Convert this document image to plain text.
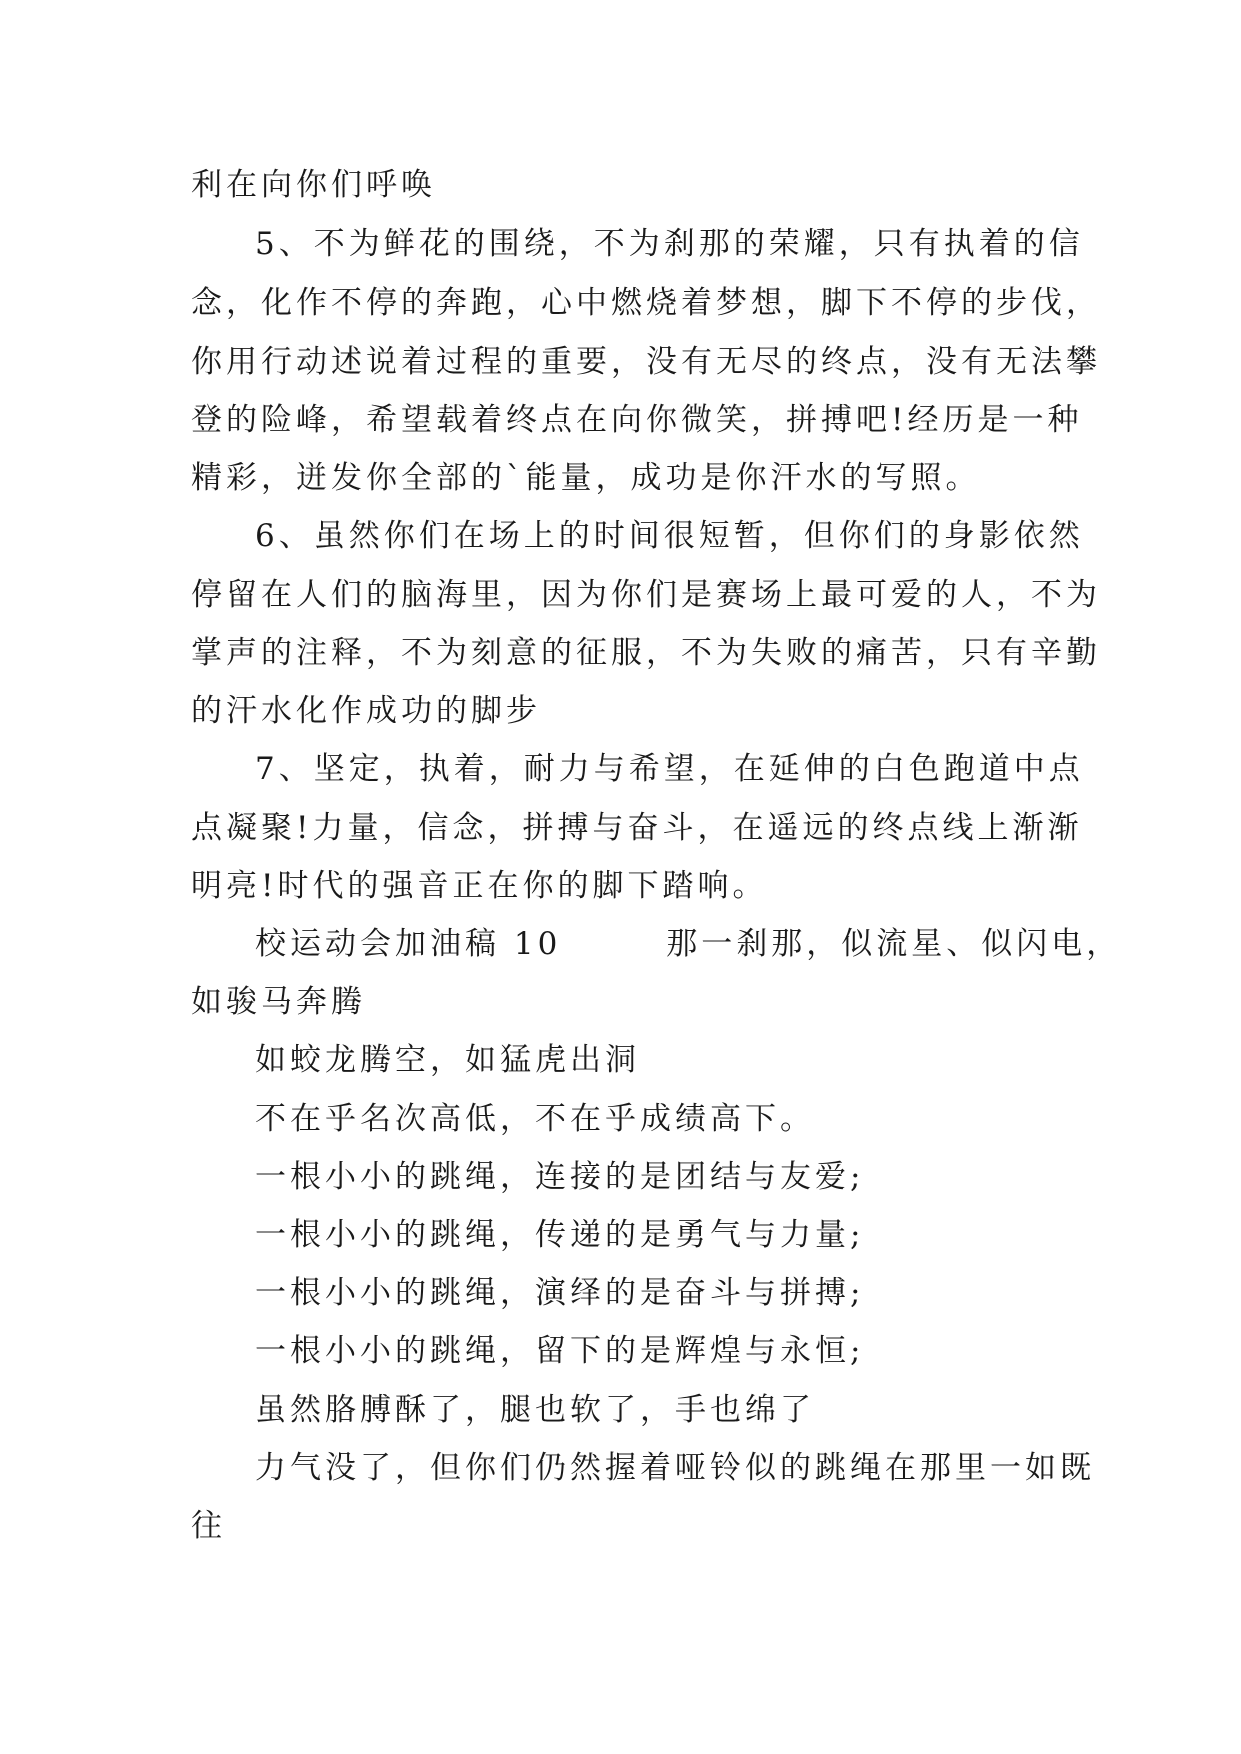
利在向你们呼唤
5、不为鲜花的围绕，不为刹那的荣耀，只有执着的信
念，化作不停的奔跑，心中燃烧着梦想，脚下不停的步伐，
你用行动述说着过程的重要，没有无尽的终点，没有无法攀
登的险峰，希望载着终点在向你微笑，拼搏吧!经历是一种
精彩，迸发你全部的`能量，成功是你汗水的写照。
6、虽然你们在场上的时间很短暂，但你们的身影依然
停留在人们的脑海里，因为你们是赛场上最可爱的人，不为
掌声的注释，不为刻意的征服，不为失败的痛苦，只有辛勤
的汗水化作成功的脚步
7、坚定，执着，耐力与希望，在延伸的白色跑道中点
点凝聚!力量，信念，拼搏与奋斗，在遥远的终点线上渐渐
明亮!时代的强音正在你的脚下踏响。
校运动会加油稿 10　　　那一刹那，似流星、似闪电，
如骏马奔腾
如蛟龙腾空，如猛虎出洞
不在乎名次高低，不在乎成绩高下。
一根小小的跳绳，连接的是团结与友爱;
一根小小的跳绳，传递的是勇气与力量;
一根小小的跳绳，演绎的是奋斗与拼搏;
一根小小的跳绳，留下的是辉煌与永恒;
虽然胳膊酥了，腿也软了，手也绵了
力气没了，但你们仍然握着哑铃似的跳绳在那里一如既
往
